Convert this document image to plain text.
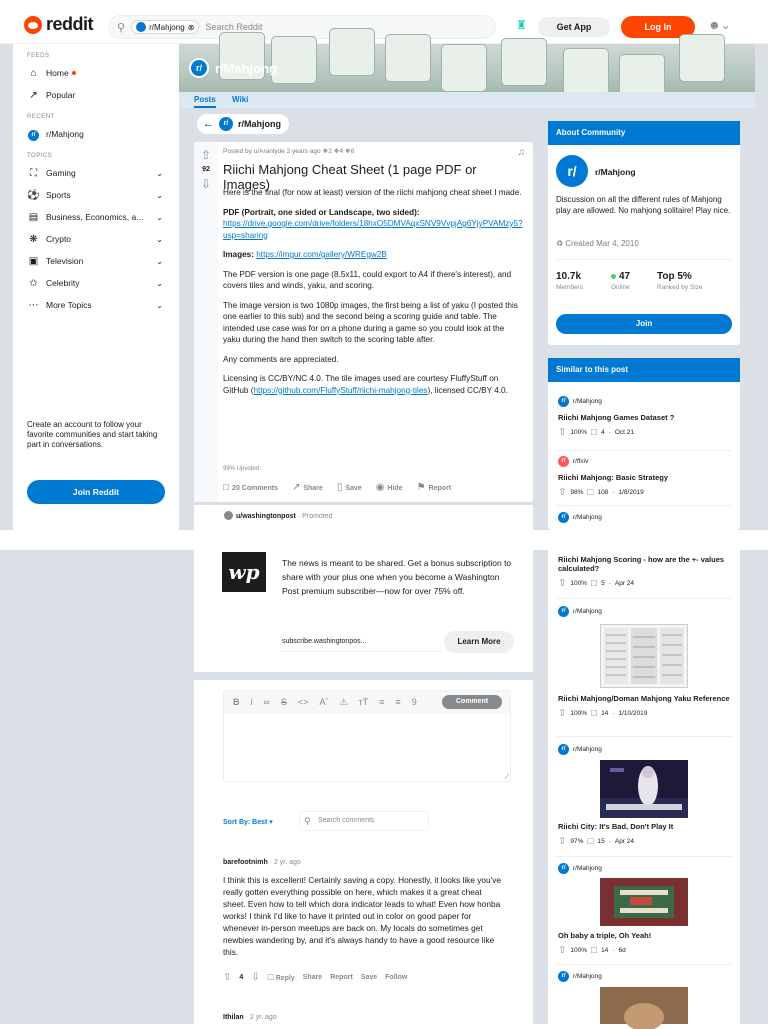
reddit ⚲	r/Mahjong ⊗ Search Reddit	♜	Get App	Log In	☻⌄
FEEDS
⌂	Home
↗ Popular
RECENT
r/	r/Mahjong
TOPICS
⛶	Gaming	⌄
⚽ Sports	⌄
▤ Business, Economics, a... ⌄
❋ Crypto	⌄
▣ Television	⌄
✩ Celebrity	⌄
⋯ More Topics	⌄
Create an account to follow your favorite communities and start taking part in conversations.
Join Reddit
r/	r/Mahjong
Posts Wiki
←	r/	r/Mahjong
⇧
92
⇩
Posted by u/Aranlyde 2 years ago ❖2 ❖4 ❖6	♫
Riichi Mahjong Cheat Sheet (1 page PDF or Images)

Here is the final (for now at least) version of the riichi mahjong cheat sheet I made.

PDF (Portrait, one sided or Landscape, two sided):
https://drive.google.com/drive/folders/18hxO5DMVAqxSNV9VvpjAg6YjyPVAMzy5?usp=sharing

Images: https://imgur.com/gallery/WREgw2B

The PDF version is one page (8.5x11, could export to A4 if there's interest), and covers tiles and winds, yaku, and scoring.

The image version is two 1080p images, the first being a list of yaku (I posted this one earlier to this sub) and the second being a scoring guide and table. The intended use case was for on a phone during a game so you could look at the yaku during the hand then switch to the scoring table after.

Any comments are appreciated.

Licensing is CC/BY/NC 4.0. The tile images used are courtesy FluffyStuff on GitHub (https://github.com/FluffyStuff/riichi-mahjong-tiles), licensed CC/BY 4.0.

99% Upvoted
□ 20 Comments ↗ Share ▯ Save ◉ Hide ⚑ Report
u/washingtonpost · Promoted
About Community
r/	r/Mahjong
Discussion on all the different rules of Mahjong play are allowed. No mahjong solitaire! Play nice.
♻ Created Mar 4, 2010
10.7k
Members
47
Online
Top 5%
Ranked by Size
Join
Similar to this post
r/	r/Mahjong
Riichi Mahjong Games Dataset ?
⇧ 100% □ 4 · Oct 21
r/	r/ffxiv
Riichi Mahjong: Basic Strategy
⇧ 98% □ 108 · 1/8/2019
r/	r/Mahjong
wp	The news is meant to be shared. Get a bonus subscription to share with your plus one when you become a Washington Post premium subscriber—now for over 75% off.
subscribe.washingtonpos...	Learn More
B i ∞ S <> Aˆ ⚠ ᴛT ≡ ≡ 9	Comment
∕
Sort By: Best ▾	⚲ Search comments
barefootnimh · 2 yr. ago
I think this is excellent! Certainly saving a copy. Honestly, it looks like you've really gotten everything possible on here, which makes it a great cheat sheet. Even how to tell which dora indicator leads to what! Even how honba works! I think I'd like to have it printed out in color on good paper for whenever in-person meetups are back on. My locals do sometimes get newbies wandering by, and it's always handy to have a good resource like this.
⇧ 4 ⇩ □ Reply Share Report Save Follow
Ithilan · 2 yr. ago
Riichi Mahjong Scoring - how are the +- values calculated?
⇧ 100% □ 5 · Apr 24
r/	r/Mahjong
Riichi Mahjong/Doman Mahjong Yaku Reference
⇧ 100% □ 14 · 1/10/2019
r/	r/Mahjong
Riichi City: It's Bad, Don't Play It
⇧ 97% □ 15 · Apr 24
r/	r/Mahjong
Oh baby a triple, Oh Yeah!
⇧ 100% □ 14 · 6d
r/	r/Mahjong
